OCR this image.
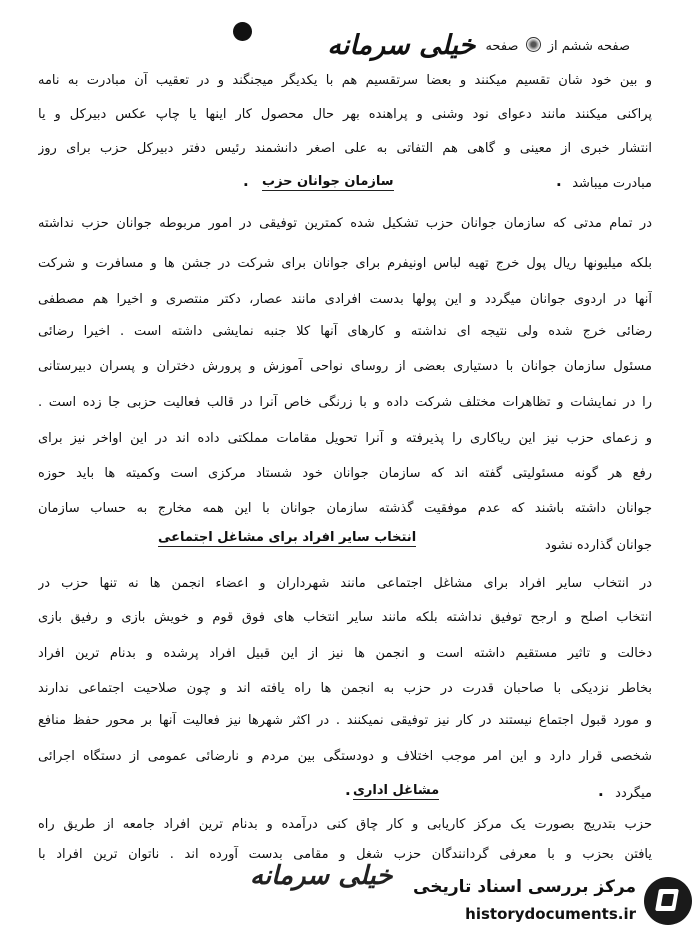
صفحه ششم از  صفحه خیلی سرمانه
و بین خود شان تقسیم میکنند و بعضا سرتقسیم هم با یکدیگر میجنگند و در تعقیب آن مبادرت به نامه
پراکنی میکنند مانند دعوای نود وشنی و پراهنده بهر حال محصول کار اینها یا چاپ عکس دبیرکل و یا
انتشار خبری از معینی و گاهی هم التفاتی به علی اصغر دانشمند رئیس دفتر دبیرکل حزب برای روز
مبادرت میباشد
.
سازمان جوانان حزب
.
در تمام مدتی که سازمان جوانان حزب تشکیل شده کمترین توفیقی در امور مربوطه جوانان حزب نداشته
بلکه میلیونها ریال پول خرج تهیه لباس اونیفرم برای جوانان برای شرکت در جشن ها و مسافرت و شرکت
آنها در اردوی جوانان میگردد و این پولها بدست افرادی مانند عصار، دکتر منتصری و اخیرا هم مصطفی
رضائی خرج شده ولی نتیجه ای نداشته و کارهای آنها کلا جنبه نمایشی داشته است . اخیرا رضائی
مسئول سازمان جوانان با دستیاری بعضی از روسای نواحی آموزش و پرورش دختران و پسران دبیرستانی
را در نمایشات و تظاهرات مختلف شرکت داده و با زرنگی خاص آنرا در قالب فعالیت حزبی جا زده است .
و زعمای حزب نیز این ریاکاری را پذیرفته و آنرا تحویل مقامات مملکتی داده اند در این اواخر نیز برای
رفع هر گونه مسئولیتی گفته اند که سازمان جوانان خود شستاد مرکزی است وکمیته ها باید حوزه
جوانان داشته باشند که عدم موفقیت گذشته سازمان جوانان با این همه مخارج به حساب سازمان
جوانان گذارده نشود
انتخاب سایر افراد برای مشاغل اجتماعی
در انتخاب سایر افراد برای مشاغل اجتماعی مانند شهرداران و اعضاء انجمن ها نه تنها حزب در
انتخاب اصلح و ارجح توفیق نداشته بلکه مانند سایر انتخاب های فوق قوم و خویش بازی و رفیق بازی
دخالت و تاثیر مستقیم داشته است و انجمن ها نیز از این قبیل افراد پرشده و بدنام ترین افراد
بخاطر نزدیکی با صاحبان قدرت در حزب به انجمن ها راه یافته اند و چون صلاحیت اجتماعی ندارند
و مورد قبول اجتماع نیستند در کار نیز توفیقی نمیکنند . در اکثر شهرها نیز فعالیت آنها بر محور حفظ منافع
شخصی قرار دارد و این امر موجب اختلاف و دودستگی بین مردم و نارضائی عمومی از دستگاه اجرائی
میگردد
.
مشاغل اداری
.
حزب بتدریج بصورت یک مرکز کاریابی و کار چاق کنی درآمده و بدنام ترین افراد جامعه از طریق راه
یافتن بحزب و با معرفی گردانندگان حزب شغل و مقامی بدست آورده اند . ناتوان ترین افراد با
خیلی سرمانه مرکز بررسی اسناد تاریخی
historydocuments.ir
